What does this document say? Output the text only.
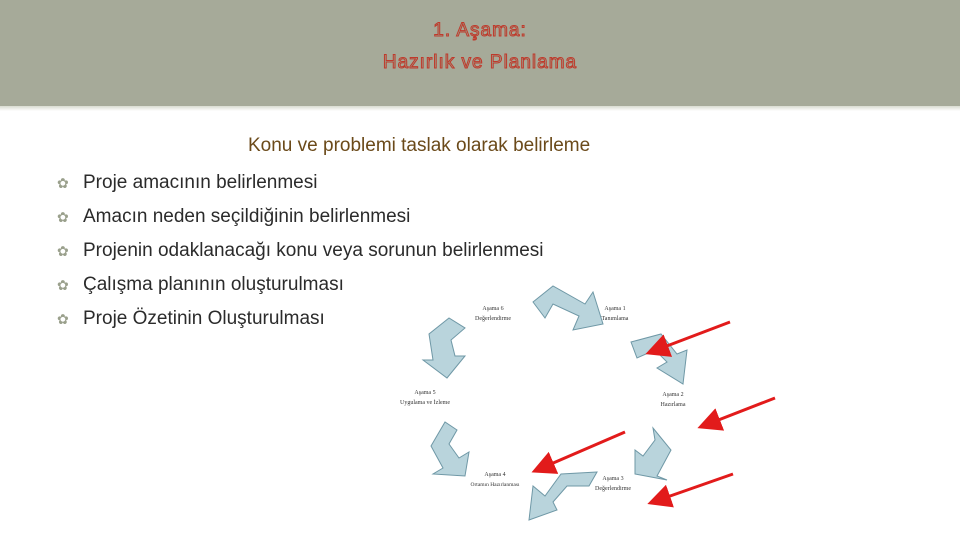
1. Aşama:
Hazırlık ve Planlama
Konu ve problemi taslak olarak belirleme
✿ Proje amacının belirlenmesi
✿ Amacın neden seçildiğinin belirlenmesi
✿ Projenin odaklanacağı konu veya sorunun belirlenmesi
✿ Çalışma planının oluşturulması
✿ Proje Özetinin Oluşturulması	Aşama 6
Değerlendirme
Aşama 1
Tanımlama
Aşama 2
Hazırlama
Aşama 3
Değerlendirme
Aşama 4
Ortamın Hazırlanması
Aşama 5
Uygulama ve İzleme
